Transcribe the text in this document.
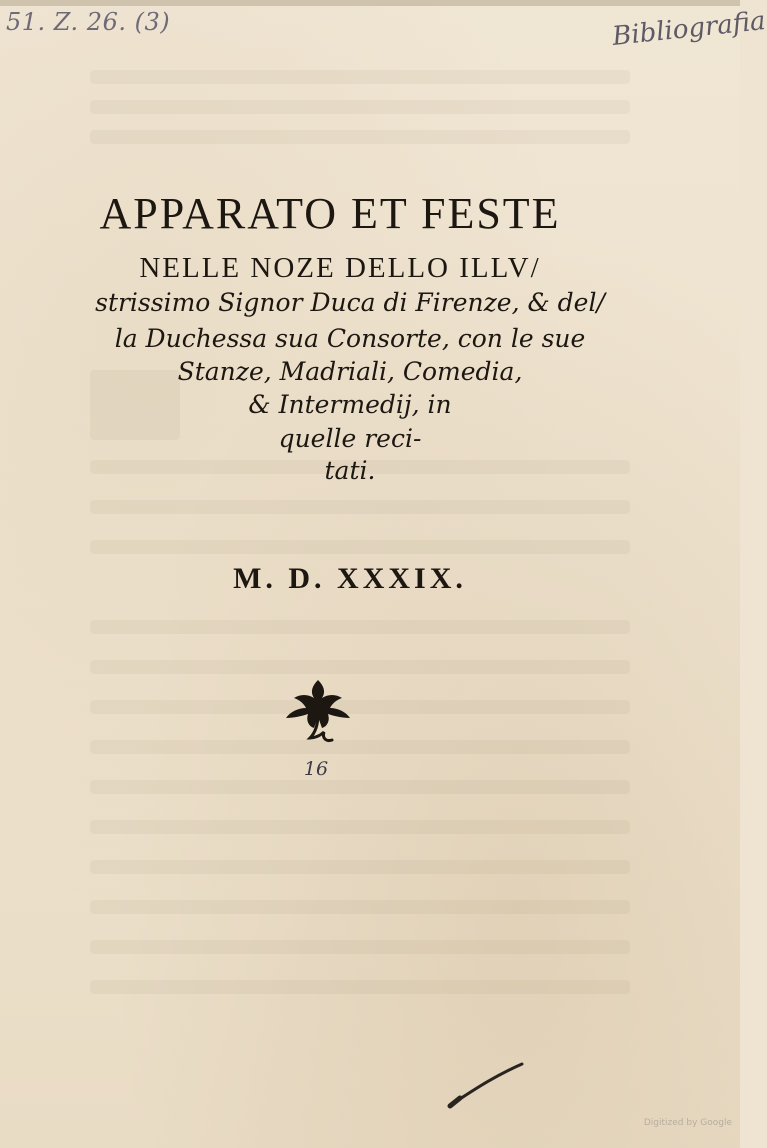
51. Z. 26. (3)	Bibliografia
APPARATO ET FESTE
NELLE NOZE DELLO ILLV/
strissimo Signor Duca di Firenze, & del/
la Duchessa sua Consorte, con le sue
Stanze, Madriali, Comedia,
& Intermedij, in
quelle reci-
tati.
M. D. XXXIX.
16
Digitized by Google
